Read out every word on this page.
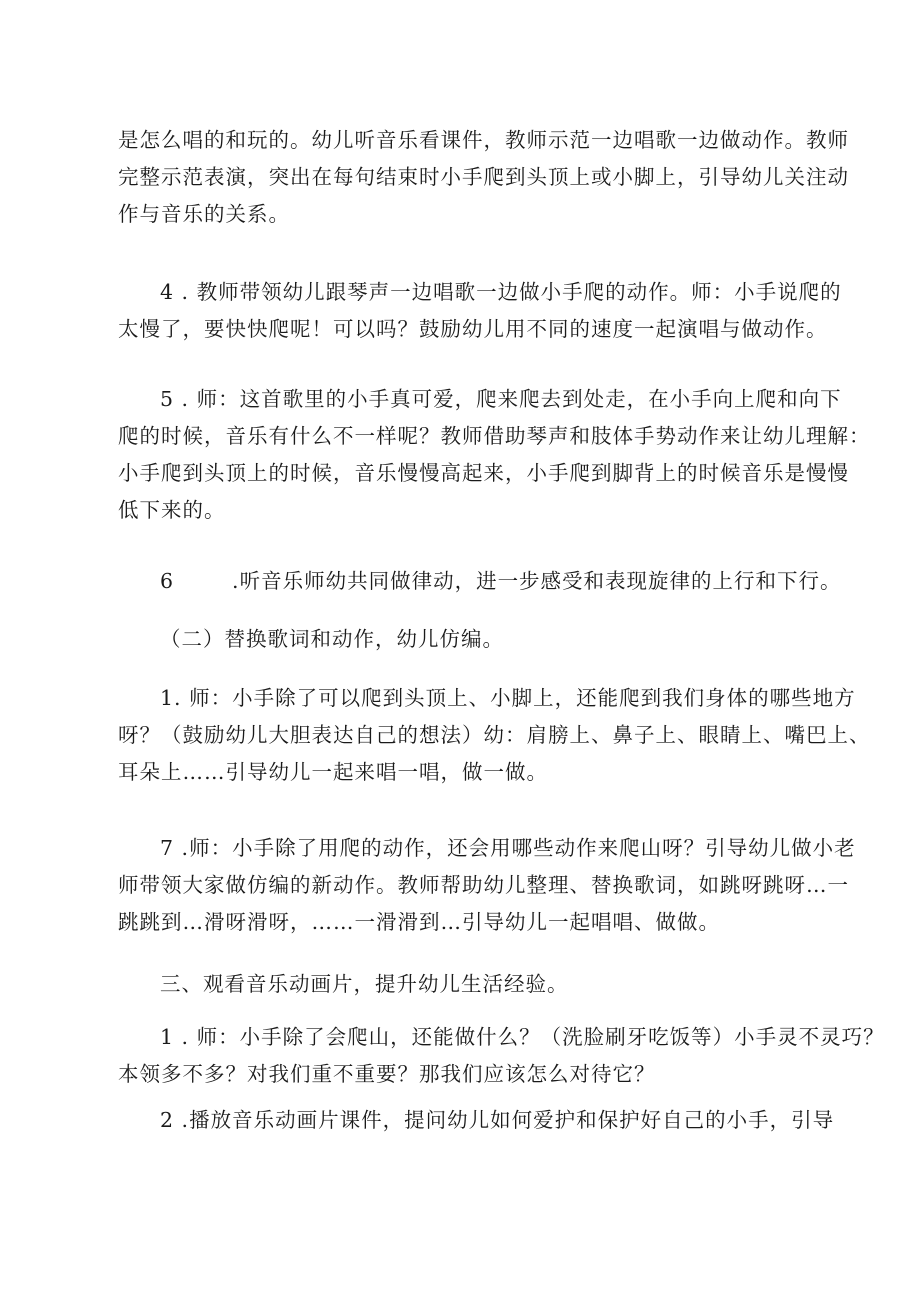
是怎么唱的和玩的。幼儿听音乐看课件，教师示范一边唱歌一边做动作。教师
完整示范表演，突出在每句结束时小手爬到头顶上或小脚上，引导幼儿关注动
作与音乐的关系。
4 . 教师带领幼儿跟琴声一边唱歌一边做小手爬的动作。师：小手说爬的
太慢了，要快快爬呢！可以吗？鼓励幼儿用不同的速度一起演唱与做动作。
5 . 师：这首歌里的小手真可爱，爬来爬去到处走，在小手向上爬和向下
爬的时候，音乐有什么不一样呢？教师借助琴声和肢体手势动作来让幼儿理解：
小手爬到头顶上的时候，音乐慢慢高起来，小手爬到脚背上的时候音乐是慢慢
低下来的。
6	.听音乐师幼共同做律动，进一步感受和表现旋律的上行和下行。
（二）替换歌词和动作，幼儿仿编。
1. 师：小手除了可以爬到头顶上、小脚上，还能爬到我们身体的哪些地方
呀？（鼓励幼儿大胆表达自己的想法）幼：肩膀上、鼻子上、眼睛上、嘴巴上、
耳朵上……引导幼儿一起来唱一唱，做一做。
7 .师：小手除了用爬的动作，还会用哪些动作来爬山呀？引导幼儿做小老
师带领大家做仿编的新动作。教师帮助幼儿整理、替换歌词，如跳呀跳呀…一
跳跳到…滑呀滑呀，……一滑滑到…引导幼儿一起唱唱、做做。
三、观看音乐动画片，提升幼儿生活经验。
1 . 师：小手除了会爬山，还能做什么？（洗脸刷牙吃饭等）小手灵不灵巧？
本领多不多？对我们重不重要？那我们应该怎么对待它？
2 .播放音乐动画片课件，提问幼儿如何爱护和保护好自己的小手，引导
